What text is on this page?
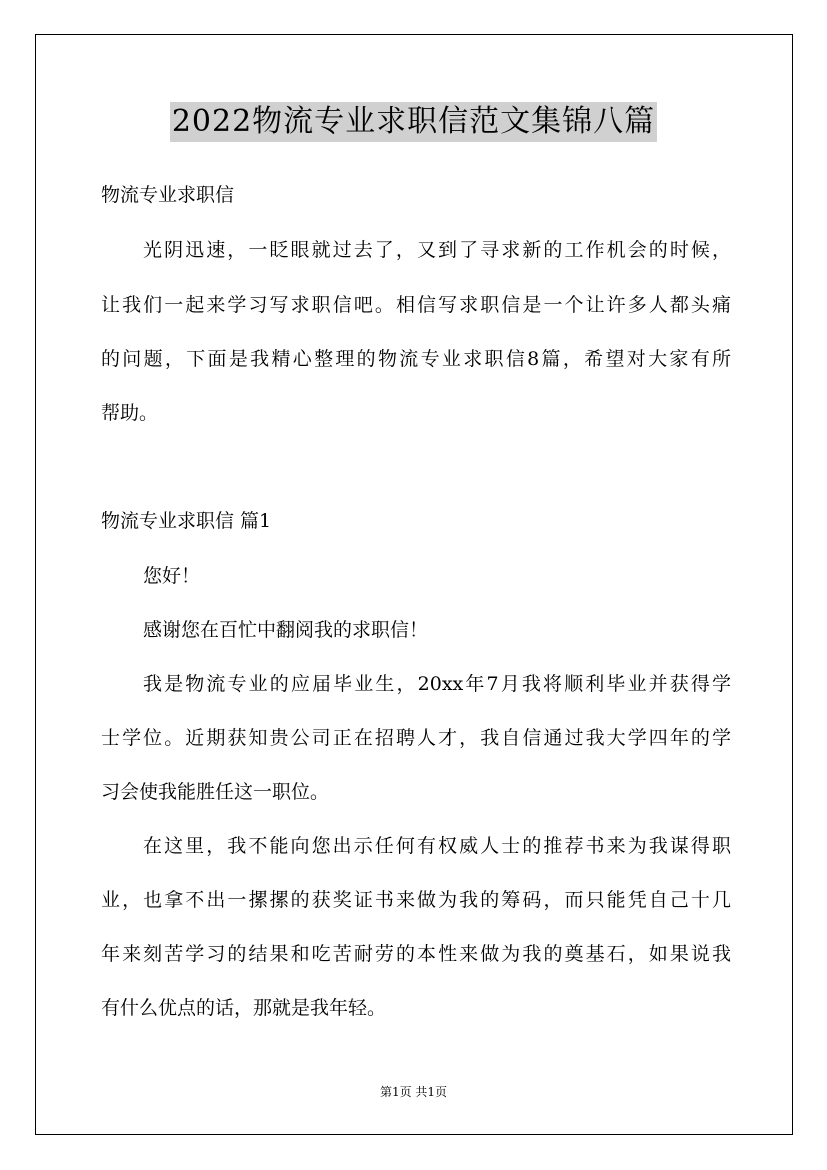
2022物流专业求职信范文集锦八篇
物流专业求职信
光阴迅速，一眨眼就过去了，又到了寻求新的工作机会的时候，
让我们一起来学习写求职信吧。相信写求职信是一个让许多人都头痛
的问题，下面是我精心整理的物流专业求职信8篇，希望对大家有所
帮助。
物流专业求职信 篇1
您好！
感谢您在百忙中翻阅我的求职信！
我是物流专业的应届毕业生，20xx年7月我将顺利毕业并获得学
士学位。近期获知贵公司正在招聘人才，我自信通过我大学四年的学
习会使我能胜任这一职位。
在这里，我不能向您出示任何有权威人士的推荐书来为我谋得职
业，也拿不出一摞摞的获奖证书来做为我的筹码，而只能凭自己十几
年来刻苦学习的结果和吃苦耐劳的本性来做为我的奠基石，如果说我
有什么优点的话，那就是我年轻。
第1页 共1页
